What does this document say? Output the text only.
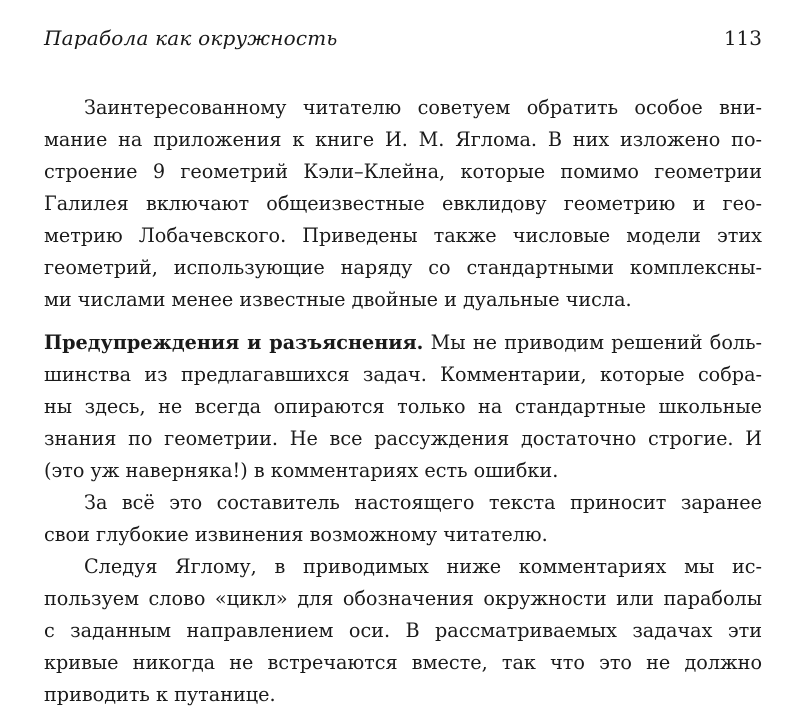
Парабола как окружность	113
Заинтересованному читателю советуем обратить особое вни-
мание на приложения к книге И. М. Яглома. В них изложено по-
строение 9 геометрий Кэли–Клейна, которые помимо геометрии
Галилея включают общеизвестные евклидову геометрию и гео-
метрию Лобачевского. Приведены также числовые модели этих
геометрий, использующие наряду со стандартными комплексны-
ми числами менее известные двойные и дуальные числа.
Предупреждения и разъяснения. Мы не приводим решений боль-
шинства из предлагавшихся задач. Комментарии, которые собра-
ны здесь, не всегда опираются только на стандартные школьные
знания по геометрии. Не все рассуждения достаточно строгие. И
(это уж наверняка!) в комментариях есть ошибки.
За всё это составитель настоящего текста приносит заранее
свои глубокие извинения возможному читателю.
Следуя Яглому, в приводимых ниже комментариях мы ис-
пользуем слово «цикл» для обозначения окружности или параболы
с заданным направлением оси. В рассматриваемых задачах эти
кривые никогда не встречаются вместе, так что это не должно
приводить к путанице.
